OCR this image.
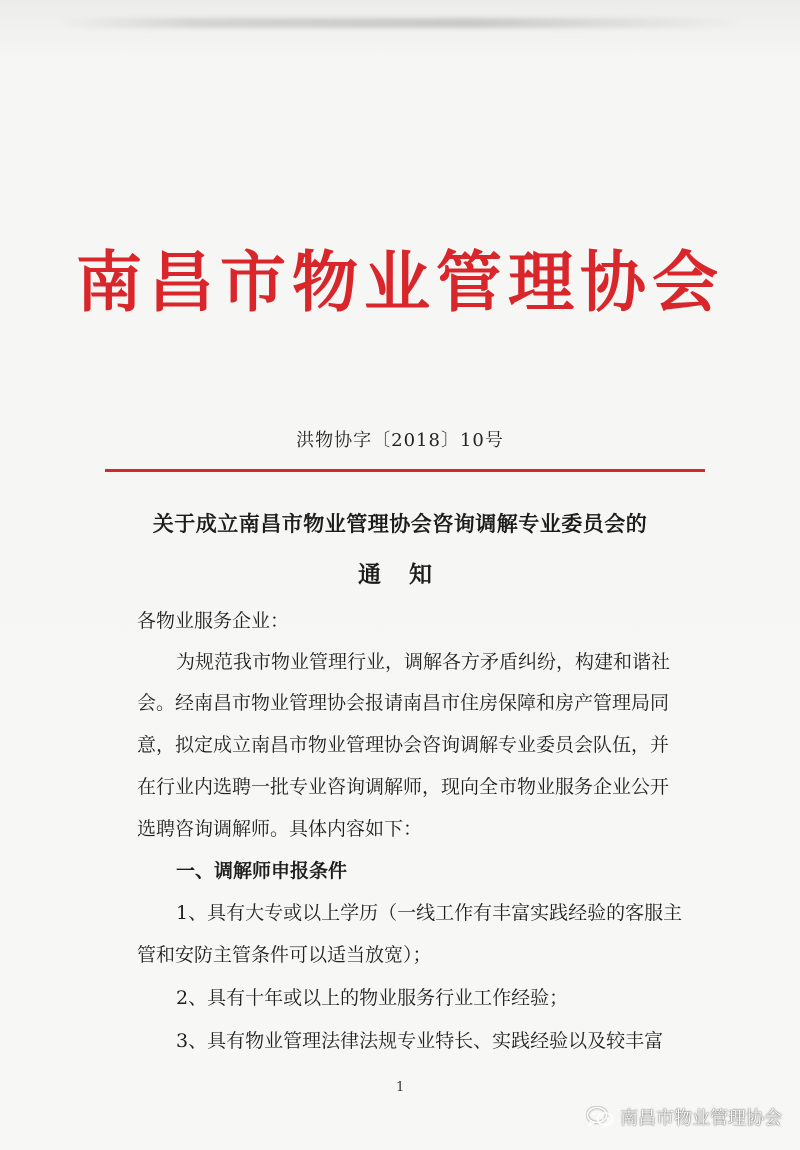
南昌市物业管理协会
洪物协字〔2018〕10号
关于成立南昌市物业管理协会咨询调解专业委员会的
通 知
各物业服务企业：
为规范我市物业管理行业，调解各方矛盾纠纷，构建和谐社
会。经南昌市物业管理协会报请南昌市住房保障和房产管理局同
意，拟定成立南昌市物业管理协会咨询调解专业委员会队伍，并
在行业内选聘一批专业咨询调解师，现向全市物业服务企业公开
选聘咨询调解师。具体内容如下：
一、调解师申报条件
1、具有大专或以上学历（一线工作有丰富实践经验的客服主
管和安防主管条件可以适当放宽）；
2、具有十年或以上的物业服务行业工作经验；
3、具有物业管理法律法规专业特长、实践经验以及较丰富
1
南昌市物业管理协会
